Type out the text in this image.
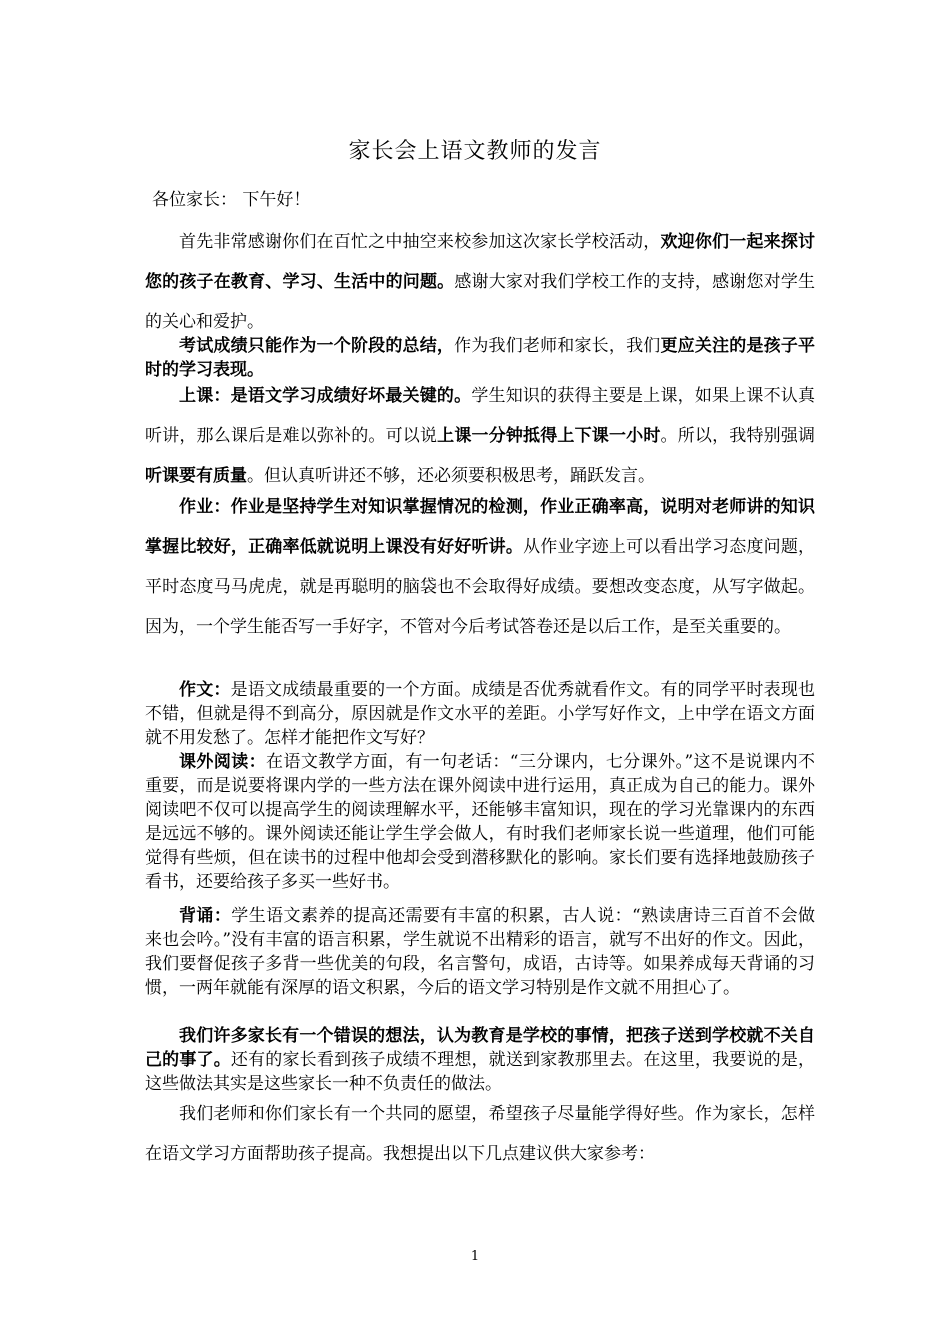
家长会上语文教师的发言
各位家长： 下午好！
首先非常感谢你们在百忙之中抽空来校参加这次家长学校活动，欢迎你们一起来探讨您的孩子在教育、学习、生活中的问题。感谢大家对我们学校工作的支持，感谢您对学生的关心和爱护。
考试成绩只能作为一个阶段的总结，作为我们老师和家长，我们更应关注的是孩子平时的学习表现。
上课：是语文学习成绩好坏最关键的。学生知识的获得主要是上课，如果上课不认真听讲，那么课后是难以弥补的。可以说上课一分钟抵得上下课一小时。所以，我特别强调听课要有质量。但认真听讲还不够，还必须要积极思考，踊跃发言。
作业：作业是坚持学生对知识掌握情况的检测，作业正确率高，说明对老师讲的知识掌握比较好，正确率低就说明上课没有好好听讲。从作业字迹上可以看出学习态度问题，平时态度马马虎虎，就是再聪明的脑袋也不会取得好成绩。要想改变态度，从写字做起。因为，一个学生能否写一手好字，不管对今后考试答卷还是以后工作，是至关重要的。
作文：是语文成绩最重要的一个方面。成绩是否优秀就看作文。有的同学平时表现也不错，但就是得不到高分，原因就是作文水平的差距。小学写好作文，上中学在语文方面就不用发愁了。怎样才能把作文写好？
课外阅读：在语文教学方面，有一句老话：“三分课内，七分课外。”这不是说课内不重要，而是说要将课内学的一些方法在课外阅读中进行运用，真正成为自己的能力。课外阅读吧不仅可以提高学生的阅读理解水平，还能够丰富知识，现在的学习光靠课内的东西是远远不够的。课外阅读还能让学生学会做人，有时我们老师家长说一些道理，他们可能觉得有些烦，但在读书的过程中他却会受到潜移默化的影响。家长们要有选择地鼓励孩子看书，还要给孩子多买一些好书。
背诵：学生语文素养的提高还需要有丰富的积累，古人说：“熟读唐诗三百首不会做来也会吟。”没有丰富的语言积累，学生就说不出精彩的语言，就写不出好的作文。因此，我们要督促孩子多背一些优美的句段，名言警句，成语，古诗等。如果养成每天背诵的习惯，一两年就能有深厚的语文积累，今后的语文学习特别是作文就不用担心了。
我们许多家长有一个错误的想法，认为教育是学校的事情，把孩子送到学校就不关自己的事了。还有的家长看到孩子成绩不理想，就送到家教那里去。在这里，我要说的是，这些做法其实是这些家长一种不负责任的做法。
我们老师和你们家长有一个共同的愿望，希望孩子尽量能学得好些。作为家长，怎样在语文学习方面帮助孩子提高。我想提出以下几点建议供大家参考：
1
